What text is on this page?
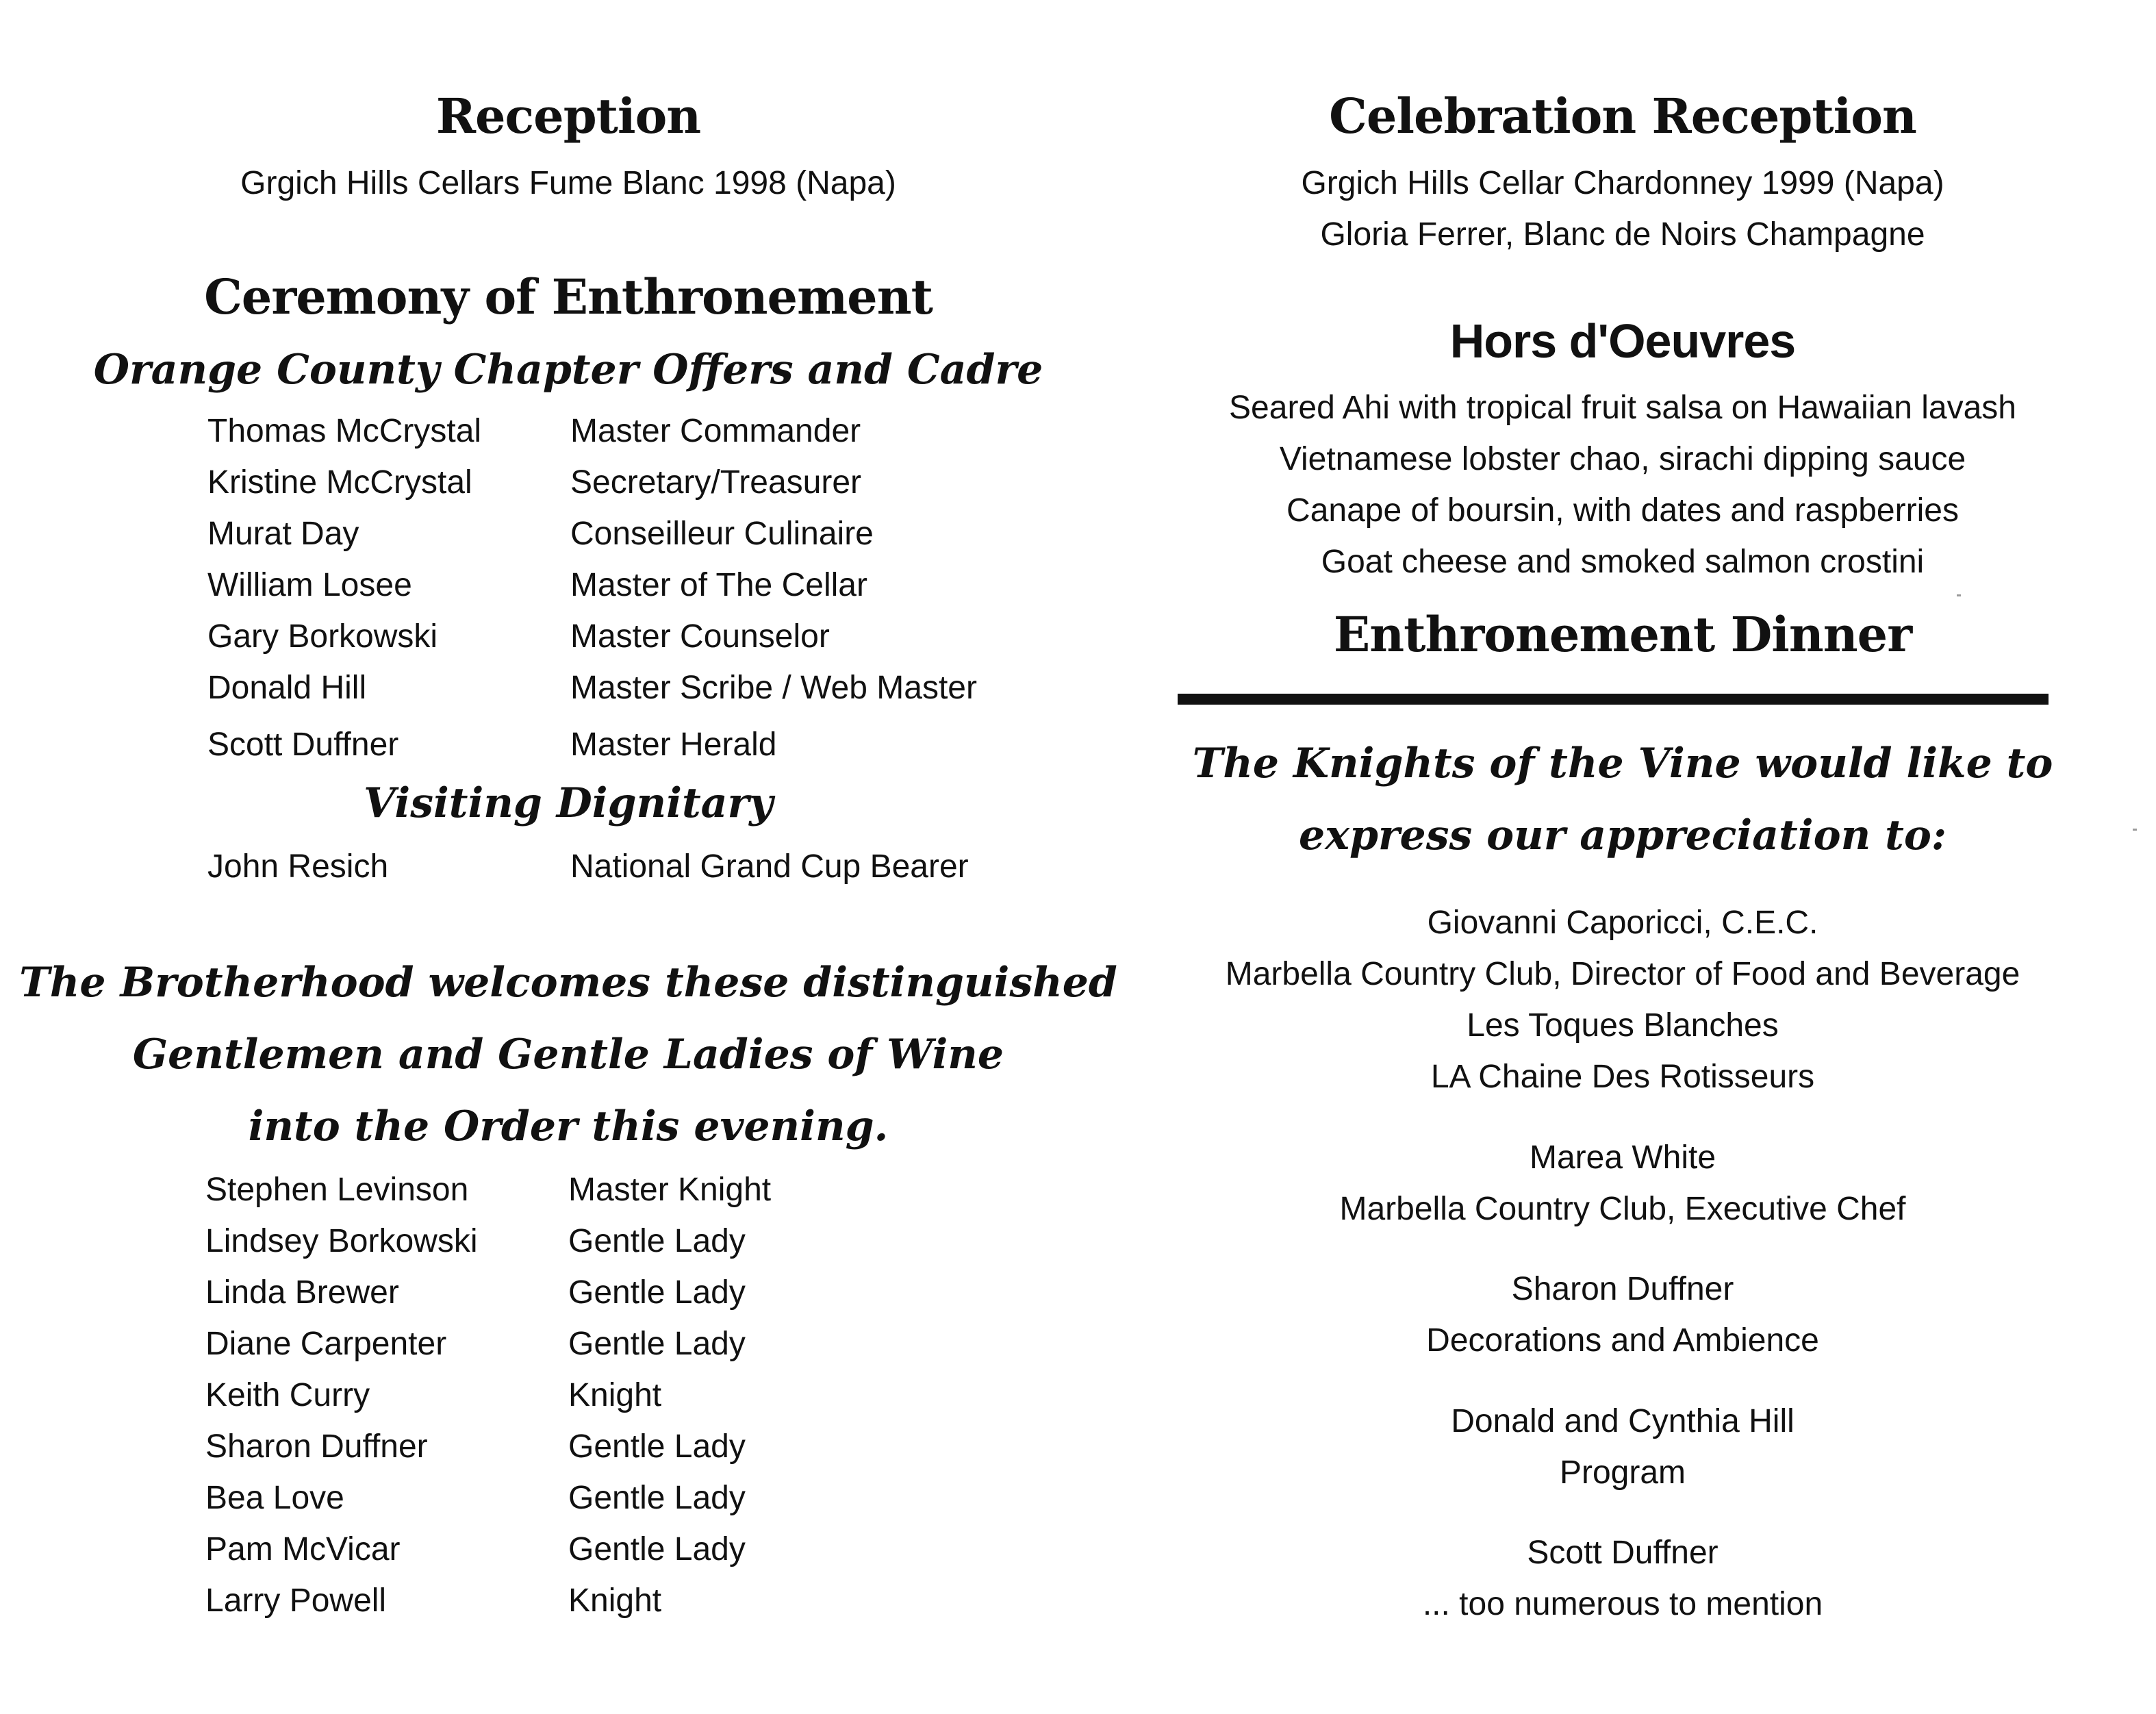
Reception
Grgich Hills Cellars Fume Blanc 1998 (Napa)
Ceremony of Enthronement
Orange County Chapter Offers and Cadre
Thomas McCrystal	Master Commander
Kristine McCrystal	Secretary/Treasurer
Murat Day	Conseilleur Culinaire
William Losee	Master of The Cellar
Gary Borkowski	Master Counselor
Donald Hill	Master Scribe / Web Master
Scott Duffner	Master Herald
Visiting Dignitary
John Resich	National Grand Cup Bearer
The Brotherhood welcomes these distinguished
Gentlemen and Gentle Ladies of Wine
into the Order this evening.
Stephen Levinson	Master Knight
Lindsey Borkowski	Gentle Lady
Linda Brewer	Gentle Lady
Diane Carpenter	Gentle Lady
Keith Curry	Knight
Sharon Duffner	Gentle Lady
Bea Love	Gentle Lady
Pam McVicar	Gentle Lady
Larry Powell	Knight
Celebration Reception
Grgich Hills Cellar Chardonney 1999 (Napa)
Gloria Ferrer, Blanc de Noirs Champagne
Hors d'Oeuvres
Seared Ahi with tropical fruit salsa on Hawaiian lavash
Vietnamese lobster chao, sirachi dipping sauce
Canape of boursin, with dates and raspberries
Goat cheese and smoked salmon crostini
Enthronement Dinner
The Knights of the Vine would like to
express our appreciation to:
Giovanni Caporicci, C.E.C.
Marbella Country Club, Director of Food and Beverage
Les Toques Blanches
LA Chaine Des Rotisseurs
Marea White
Marbella Country Club, Executive Chef
Sharon Duffner
Decorations and Ambience
Donald and Cynthia Hill
Program
Scott Duffner
... too numerous to mention
